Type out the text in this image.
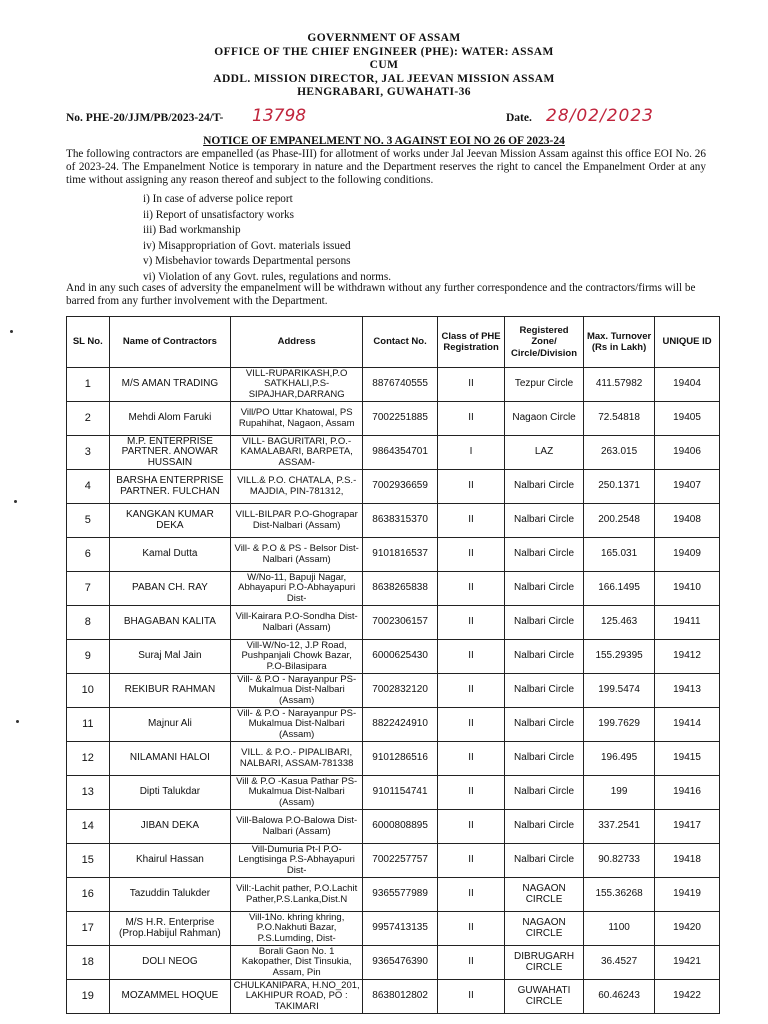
GOVERNMENT OF ASSAM
OFFICE OF THE CHIEF ENGINEER (PHE): WATER: ASSAM
CUM
ADDL. MISSION DIRECTOR, JAL JEEVAN MISSION ASSAM
HENGRABARI, GUWAHATI-36
No. PHE-20/JJM/PB/2023-24/T- 13798	Date. 28/02/2023
NOTICE OF EMPANELMENT NO. 3 AGAINST EOI NO 26 OF 2023-24
The following contractors are empanelled (as Phase-III) for allotment of works under Jal Jeevan Mission Assam against this office EOI No. 26 of 2023-24. The Empanelment Notice is temporary in nature and the Department reserves the right to cancel the Empanelment Order at any time without assigning any reason thereof and subject to the following conditions.
i) In case of adverse police report
ii) Report of unsatisfactory works
iii) Bad workmanship
iv) Misappropriation of Govt. materials issued
v) Misbehavior towards Departmental persons
vi) Violation of any Govt. rules, regulations and norms.
And in any such cases of adversity the empanelment will be withdrawn without any further correspondence and the contractors/firms will be barred from any further involvement with the Department.
SL No.	Name of Contractors	Address	Contact No.	Class of PHE Registration	Registered Zone/ Circle/Division	Max. Turnover (Rs in Lakh)	UNIQUE ID
1	M/S AMAN TRADING	VILL-RUPARIKASH,P.O SATKHALI,P.S-SIPAJHAR,DARRANG	8876740555	II	Tezpur Circle	411.57982	19404
2	Mehdi Alom Faruki	Vill/PO Uttar Khatowal, PS Rupahihat, Nagaon, Assam	7002251885	II	Nagaon Circle	72.54818	19405
3	M.P. ENTERPRISE PARTNER. ANOWAR HUSSAIN	VILL- BAGURITARI, P.O.- KAMALABARI, BARPETA, ASSAM-	9864354701	I	LAZ	263.015	19406
4	BARSHA ENTERPRISE PARTNER. FULCHAN	VILL.& P.O. CHATALA, P.S.-MAJDIA, PIN-781312,	7002936659	II	Nalbari Circle	250.1371	19407
5	KANGKAN KUMAR DEKA	VILL-BILPAR P.O-Ghograpar Dist-Nalbari (Assam)	8638315370	II	Nalbari Circle	200.2548	19408
6	Kamal Dutta	Vill- & P.O & PS - Belsor Dist-Nalbari (Assam)	9101816537	II	Nalbari Circle	165.031	19409
7	PABAN CH. RAY	W/No-11, Bapuji Nagar, Abhayapuri P.O-Abhayapuri Dist-	8638265838	II	Nalbari Circle	166.1495	19410
8	BHAGABAN KALITA	Vill-Kairara P.O-Sondha Dist-Nalbari (Assam)	7002306157	II	Nalbari Circle	125.463	19411
9	Suraj Mal Jain	Vill-W/No-12, J.P Road, Pushpanjali Chowk Bazar, P.O-Bilasipara	6000625430	II	Nalbari Circle	155.29395	19412
10	REKIBUR RAHMAN	Vill- & P.O - Narayanpur PS-Mukalmua Dist-Nalbari (Assam)	7002832120	II	Nalbari Circle	199.5474	19413
11	Majnur Ali	Vill- & P.O - Narayanpur PS-Mukalmua Dist-Nalbari (Assam)	8822424910	II	Nalbari Circle	199.7629	19414
12	NILAMANI HALOI	VILL. & P.O.- PIPALIBARI, NALBARI, ASSAM-781338	9101286516	II	Nalbari Circle	196.495	19415
13	Dipti Talukdar	Vill & P.O -Kasua Pathar PS-Mukalmua Dist-Nalbari (Assam)	9101154741	II	Nalbari Circle	199	19416
14	JIBAN DEKA	Vill-Balowa P.O-Balowa Dist-Nalbari (Assam)	6000808895	II	Nalbari Circle	337.2541	19417
15	Khairul Hassan	Vill-Dumuria Pt-I P.O-Lengtisinga P.S-Abhayapuri Dist-	7002257757	II	Nalbari Circle	90.82733	19418
16	Tazuddin Talukder	Vill:-Lachit pather, P.O.Lachit Pather,P.S.Lanka,Dist.N	9365577989	II	NAGAON CIRCLE	155.36268	19419
17	M/S H.R. Enterprise (Prop.Habijul Rahman)	Vill-1No. khring khring, P.O.Nakhuti Bazar, P.S.Lumding, Dist-	9957413135	II	NAGAON CIRCLE	1100	19420
18	DOLI NEOG	Borali Gaon No. 1 Kakopather, Dist Tinsukia, Assam, Pin	9365476390	II	DIBRUGARH CIRCLE	36.4527	19421
19	MOZAMMEL HOQUE	CHULKANIPARA, H.NO_201, LAKHIPUR ROAD, PO : TAKIMARI	8638012802	II	GUWAHATI CIRCLE	60.46243	19422
